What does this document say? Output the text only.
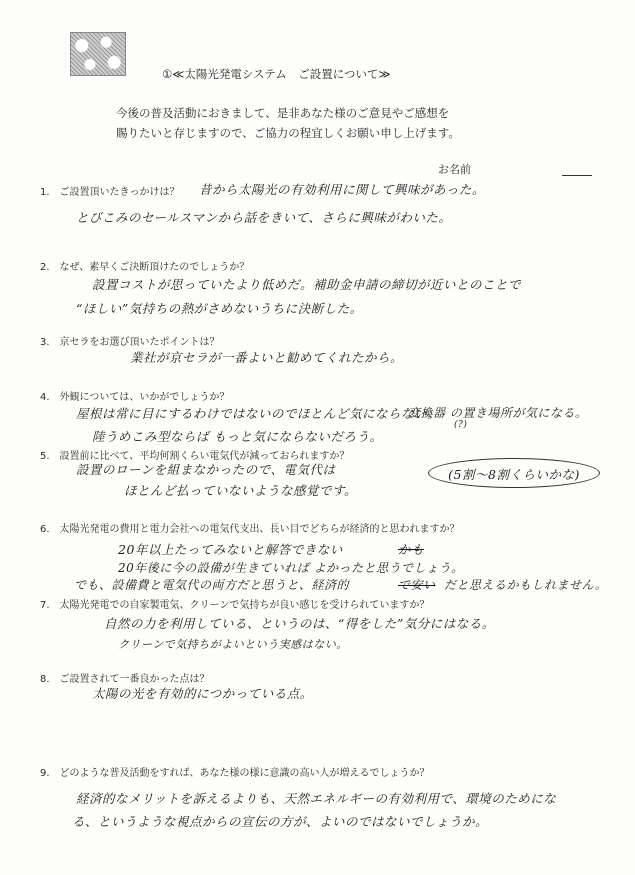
①≪太陽光発電システム　ご設置について≫
今後の普及活動におきまして、是非あなた様のご意見やご感想を
賜りたいと存じますので、ご協力の程宜しくお願い申し上げます。
お名前
1.　ご設置頂いたきっかけは？ 昔から太陽光の有効利用に関して興味があった。
とびこみのセールスマンから話をきいて、さらに興味がわいた。
2.　なぜ、素早くご決断頂けたのでしょうか？
設置コストが思っていたより低めだ。補助金申請の締切が近いとのことで
“ほしい”気持ちの熱がさめないうちに決断した。
3.　京セラをお選び頂いたポイントは？
業社が京セラが一番よいと勧めてくれたから。
4.　外観については、いかがでしょうか？
屋根は常に目にするわけではないのでほとんど気にならない。
変換器 の置き場所が気になる。
(?)
陸うめこみ型ならば もっと気にならないだろう。
5.　設置前に比べて、平均何割くらい電気代が減っておられますか？
設置のローンを組まなかったので、電気代は
ほとんど払っていないような感覚です。
(5割～8割くらいかな)
6.　太陽光発電の費用と電力会社への電気代支出、長い目でどちらが経済的と思われますか？
20年以上たってみないと解答できない	かも
20年後に今の設備が生きていれば よかったと思うでしょう。
でも、設備費と電気代の両方だと思うと、経済的	で安い だと思えるかもしれません。
7.　太陽光発電での自家製電気、クリーンで気持ちが良い感じを受けられていますか？
自然の力を利用している、というのは、“得をした”気分にはなる。
クリーンで気持ちがよいという実感はない。
8.　ご設置されて一番良かった点は？
太陽の光を有効的につかっている点。
9.　どのような普及活動をすれば、あなた様の様に意識の高い人が増えるでしょうか？
経済的なメリットを訴えるよりも、天然エネルギーの有効利用で、環境のためにな
る、というような視点からの宣伝の方が、よいのではないでしょうか。
